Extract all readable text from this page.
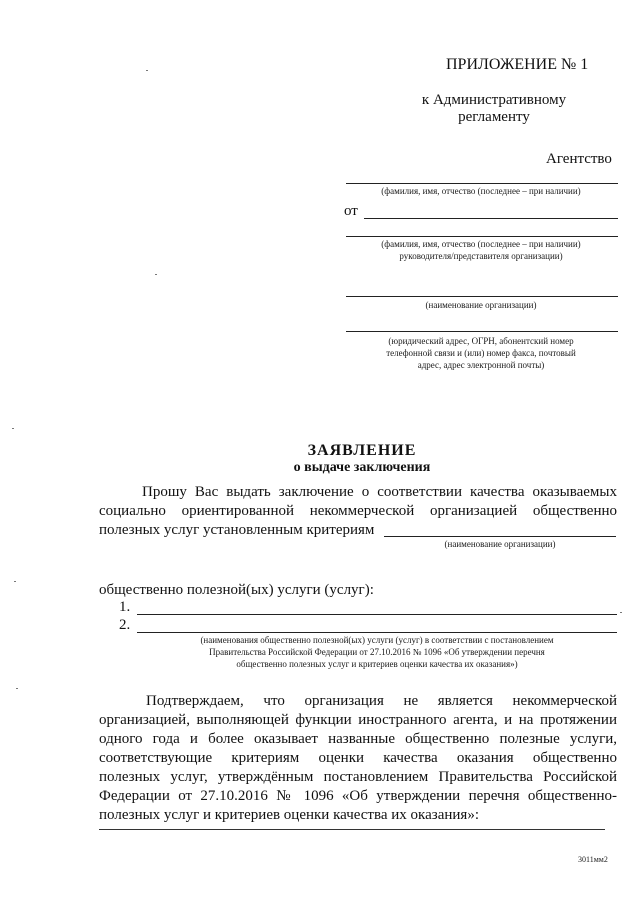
ПРИЛОЖЕНИЕ № 1
к Административному
регламенту
Агентство
(фамилия, имя, отчество (последнее – при наличии)
от
(фамилия, имя, отчество (последнее – при наличии)
руководителя/представителя организации)
(наименование организации)
(юридический адрес, ОГРН, абонентский номер
телефонной связи и (или) номер факса, почтовый
адрес, адрес электронной почты)
ЗАЯВЛЕНИЕ
о выдаче заключения
Прошу Вас выдать заключение о соответствии качества оказываемых
социально ориентированной некоммерческой организацией общественно
полезных услуг установленным критериям
(наименование организации)
общественно полезной(ых) услуги (услуг):
1.
2.
(наименования общественно полезной(ых) услуги (услуг) в соответствии с постановлением
Правительства Российской Федерации от 27.10.2016 № 1096 «Об утверждении перечня
общественно полезных услуг и критериев оценки качества их оказания»)
Подтверждаем, что организация не является некоммерческой
организацией, выполняющей функции иностранного агента, и на протяжении
одного года и более оказывает названные общественно полезные услуги,
соответствующие критериям оценки качества оказания общественно
полезных услуг, утверждённым постановлением Правительства Российской
Федерации от 27.10.2016 № 1096 «Об утверждении перечня общественно-
полезных услуг и критериев оценки качества их оказания»:
3011мм2
